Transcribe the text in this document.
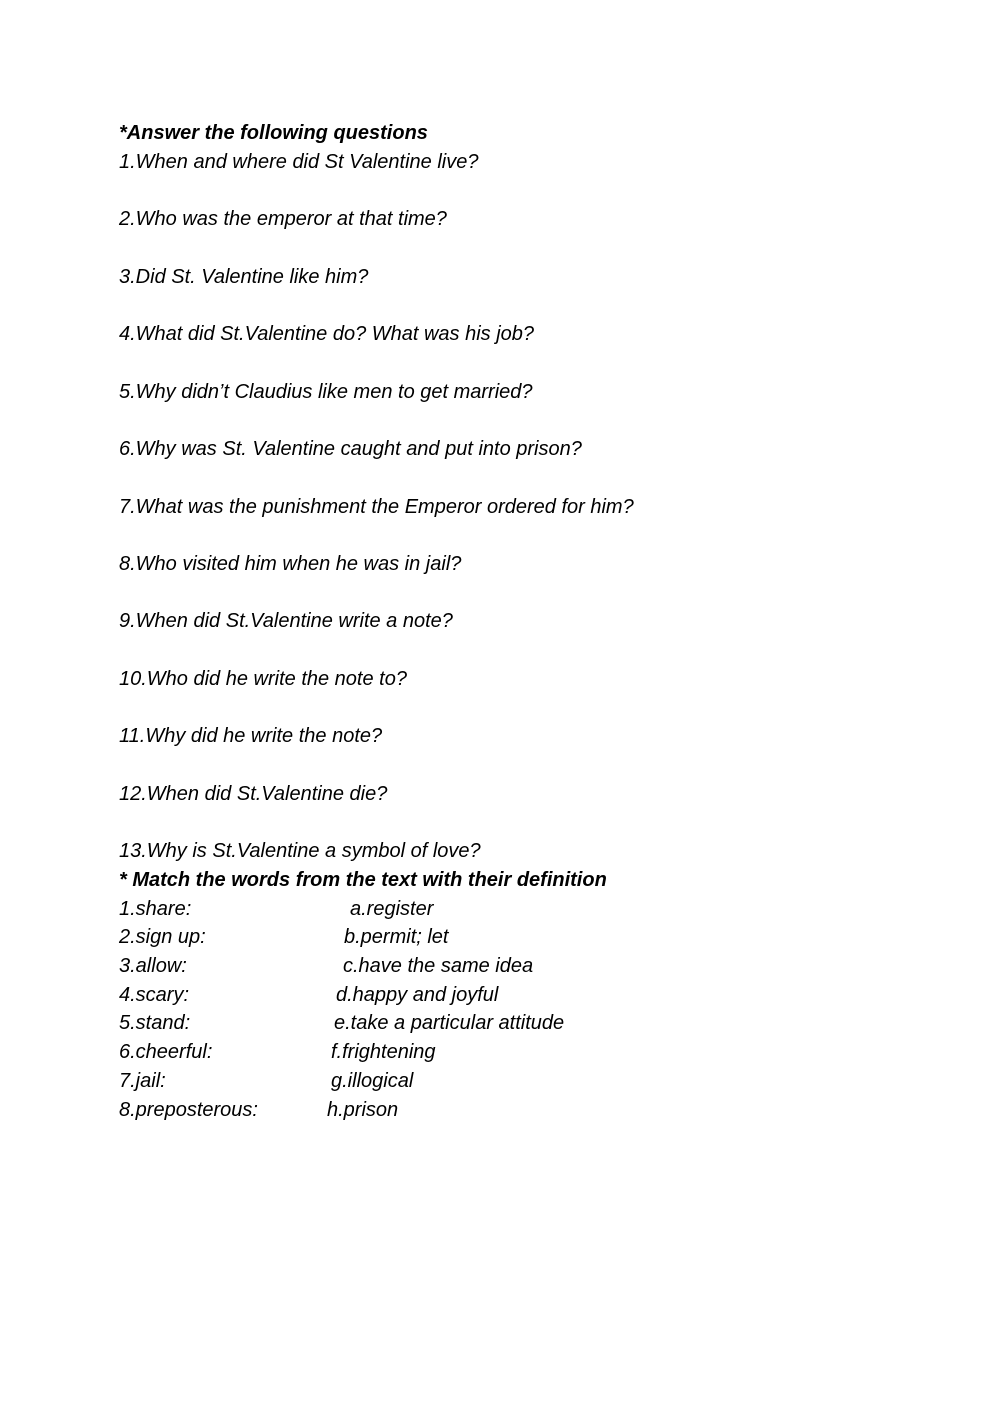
*Answer the following questions
1.When and where did St Valentine live?
2.Who was the emperor at that time?
3.Did St. Valentine like him?
4.What did St.Valentine do? What was his job?
5.Why didn’t Claudius like men to get married?
6.Why was St. Valentine caught and put into prison?
7.What was the punishment the Emperor ordered for him?
8.Who visited him when he was in jail?
9.When did St.Valentine write a note?
10.Who did he write the note to?
11.Why did he write the note?
12.When did St.Valentine die?
13.Why is St.Valentine a symbol of love?
* Match the words from the text with their definition
1.share:	a.register
2.sign up:	b.permit; let
3.allow:	c.have the same idea
4.scary:	d.happy and joyful
5.stand:	e.take a particular attitude
6.cheerful:	f.frightening
7.jail:	g.illogical
8.preposterous:	h.prison
